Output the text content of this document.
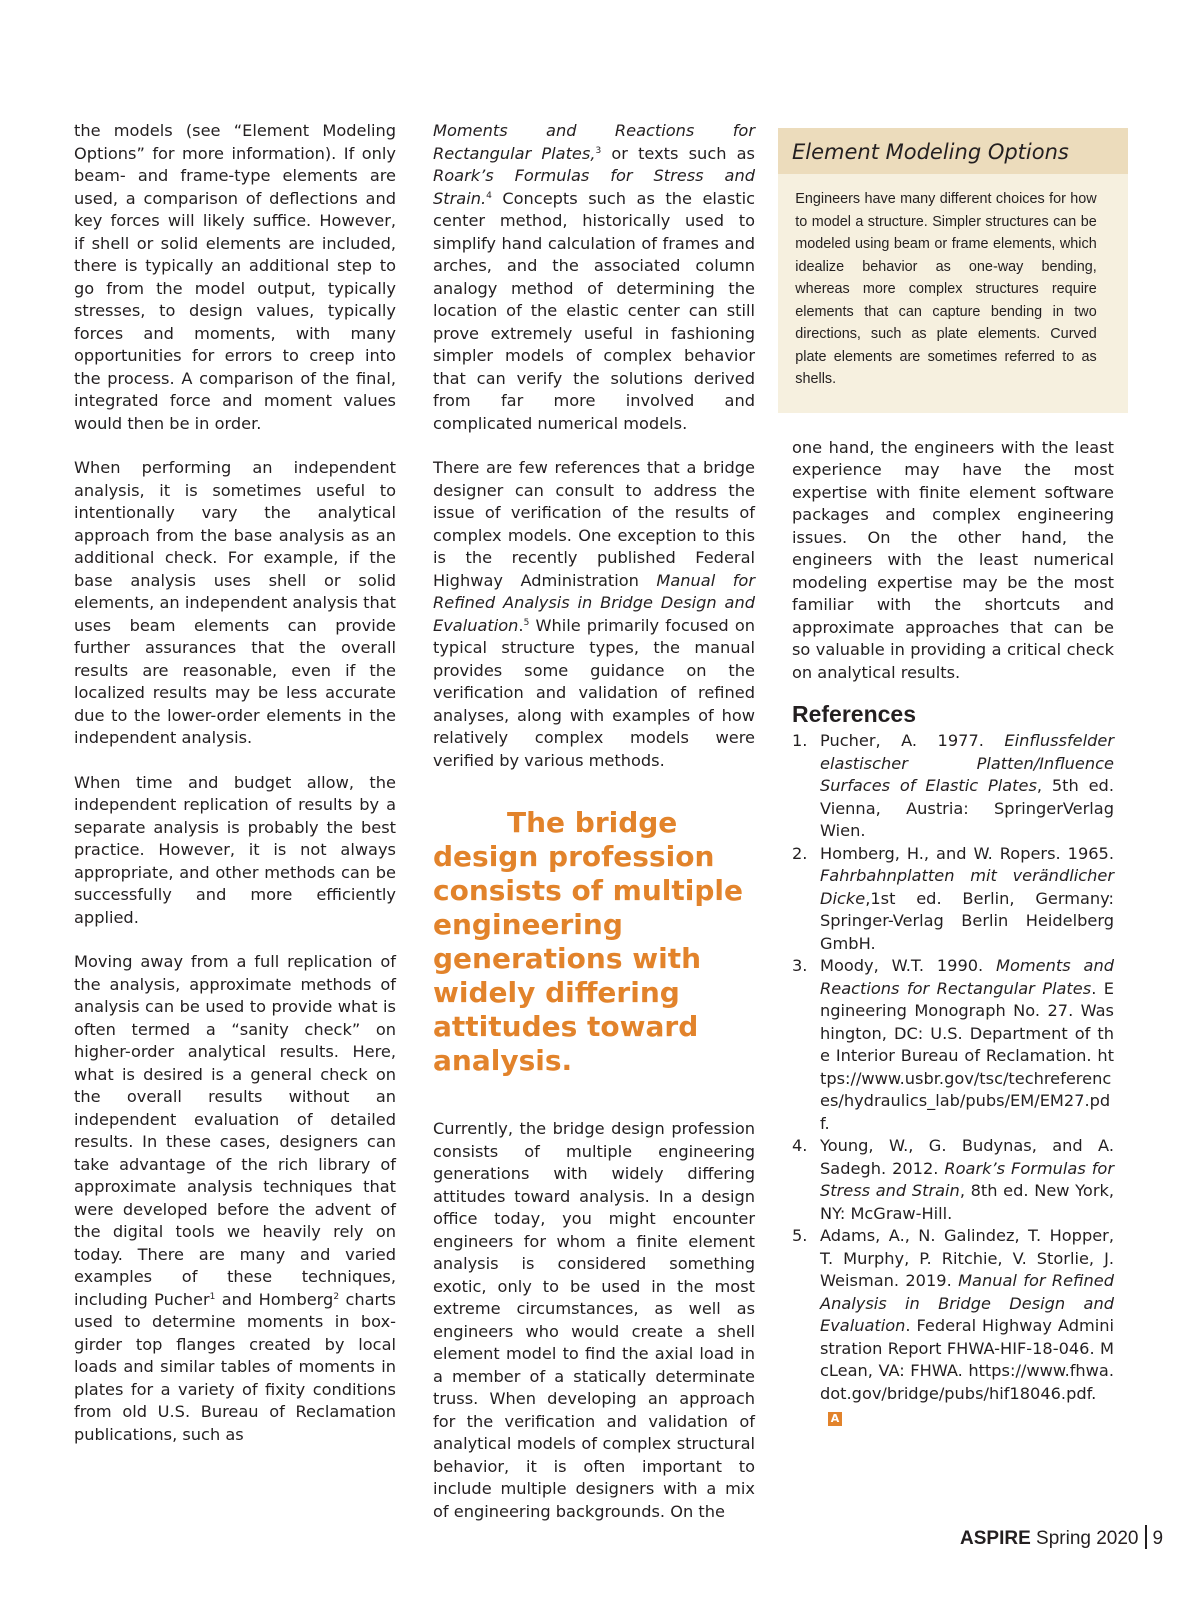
the models (see “Element Modeling Options” for more information). If only beam- and frame-type elements are used, a comparison of deflections and key forces will likely suffice. However, if shell or solid elements are included, there is typically an additional step to go from the model output, typically stresses, to design values, typically forces and moments, with many opportunities for errors to creep into the process. A comparison of the final, integrated force and moment values would then be in order.

When performing an independent analysis, it is sometimes useful to intentionally vary the analytical approach from the base analysis as an additional check. For example, if the base analysis uses shell or solid elements, an independent analysis that uses beam elements can provide further assurances that the overall results are reasonable, even if the localized results may be less accurate due to the lower-order elements in the independent analysis.

When time and budget allow, the independent replication of results by a separate analysis is probably the best practice. However, it is not always appropriate, and other methods can be successfully and more efficiently applied.

Moving away from a full replication of the analysis, approximate methods of analysis can be used to provide what is often termed a “sanity check” on higher-order analytical results. Here, what is desired is a general check on the overall results without an independent evaluation of detailed results. In these cases, designers can take advantage of the rich library of approximate analysis techniques that were developed before the advent of the digital tools we heavily rely on today. There are many and varied examples of these techniques, including Pucher$^1$ and Homberg$^2$ charts used to determine moments in box-girder top flanges created by local loads and similar tables of moments in plates for a variety of fixity conditions from old U.S. Bureau of Reclamation publications, such as

Moments and Reactions for Rectangular Plates,$^3$ or texts such as Roark’s Formulas for Stress and Strain.$^4$ Concepts such as the elastic center method, historically used to simplify hand calculation of frames and arches, and the associated column analogy method of determining the location of the elastic center can still prove extremely useful in fashioning simpler models of complex behavior that can verify the solutions derived from far more involved and complicated numerical models.

There are few references that a bridge designer can consult to address the issue of verification of the results of complex models. One exception to this is the recently published Federal Highway Administration Manual for Refined Analysis in Bridge Design and Evaluation.$^5$ While primarily focused on typical structure types, the manual provides some guidance on the verification and validation of refined analyses, along with examples of how relatively complex models were verified by various methods.

The bridge design profession consists of multiple engineering generations with widely differing attitudes toward analysis.

Currently, the bridge design profession consists of multiple engineering generations with widely differing attitudes toward analysis. In a design office today, you might encounter engineers for whom a finite element analysis is considered something exotic, only to be used in the most extreme circumstances, as well as engineers who would create a shell element model to find the axial load in a member of a statically determinate truss. When developing an approach for the verification and validation of analytical models of complex structural behavior, it is often important to include multiple designers with a mix of engineering backgrounds. On the

Element Modeling Options
Engineers have many different choices for how to model a structure. Simpler structures can be modeled using beam or frame elements, which idealize behavior as one-way bending, whereas more complex structures require elements that can capture bending in two directions, such as plate elements. Curved plate elements are sometimes referred to as shells.

one hand, the engineers with the least experience may have the most expertise with finite element software packages and complex engineering issues. On the other hand, the engineers with the least numerical modeling expertise may be the most familiar with the shortcuts and approximate approaches that can be so valuable in providing a critical check on analytical results.

References
1. Pucher, A. 1977. Einflussfelder elastischer Platten/Influence Surfaces of Elastic Plates, 5th ed. Vienna, Austria: SpringerVerlag Wien.
2. Homberg, H., and W. Ropers. 1965. Fahrbahnplatten mit verändlicher Dicke,1st ed. Berlin, Germany: Springer-Verlag Berlin Heidelberg GmbH.
3. Moody, W.T. 1990. Moments and Reactions for Rectangular Plates. Engineering Monograph No. 27. Washington, DC: U.S. Department of the Interior Bureau of Reclamation. https://www.usbr.gov/tsc/techreferences/hydraulics_lab/pubs/EM/EM27.pdf.
4. Young, W., G. Budynas, and A. Sadegh. 2012. Roark’s Formulas for Stress and Strain, 8th ed. New York, NY: McGraw-Hill.
5. Adams, A., N. Galindez, T. Hopper, T. Murphy, P. Ritchie, V. Storlie, J. Weisman. 2019. Manual for Refined Analysis in Bridge Design and Evaluation. Federal Highway Administration Report FHWA-HIF-18-046. McLean, VA: FHWA. https://www.fhwa.dot.gov/bridge/pubs/hif18046.pdf.A
ASPIRE Spring 2020 9
